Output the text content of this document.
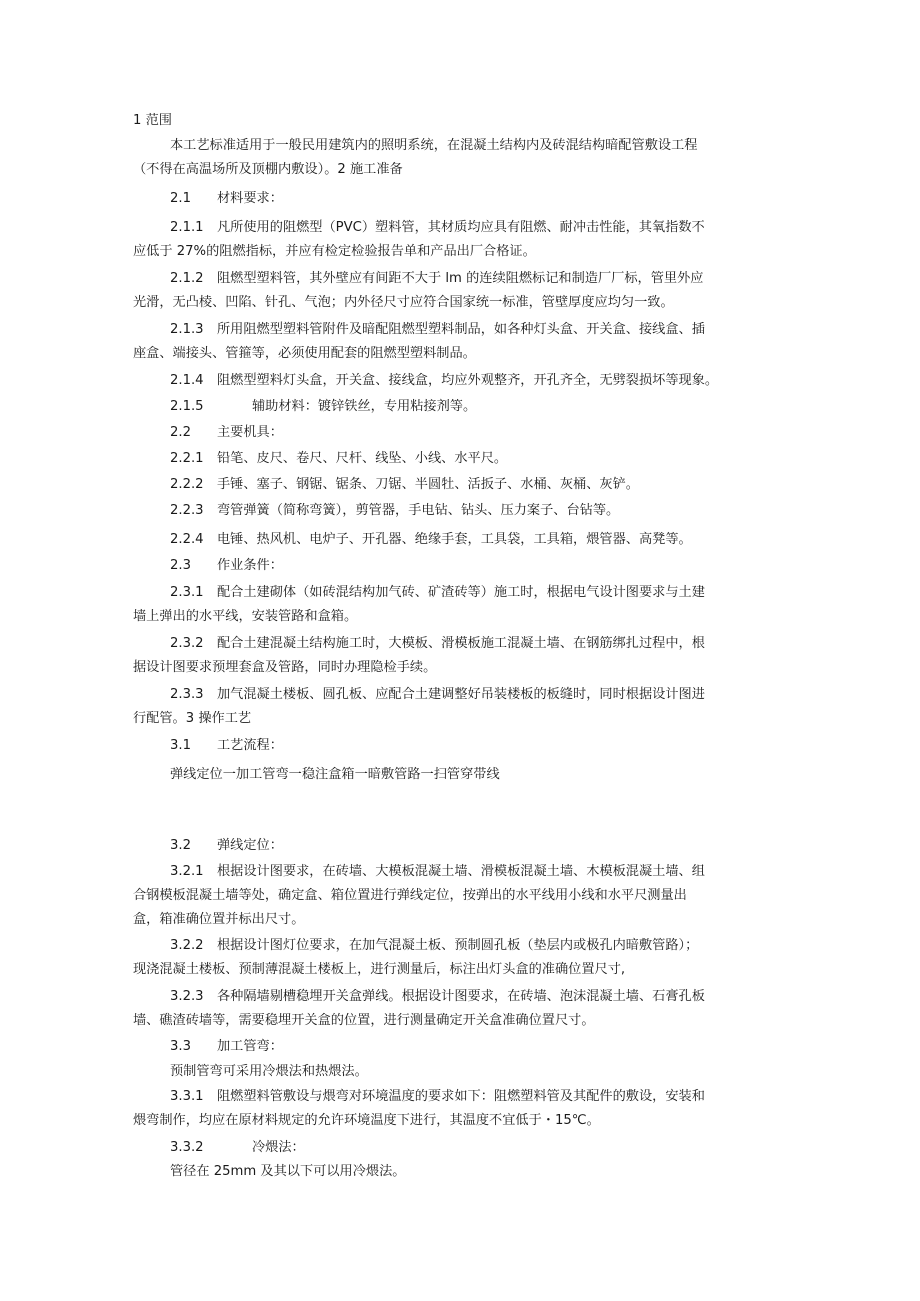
1 范围
本工艺标准适用于一般民用建筑内的照明系统，在混凝土结构内及砖混结构暗配管敷设工程
（不得在高温场所及顶棚内敷设）。2 施工准备
2.1 材料要求：
2.1.1 凡所使用的阻燃型（PVC）塑料管，其材质均应具有阻燃、耐冲击性能，其氧指数不
应低于 27%的阻燃指标，并应有检定检验报告单和产品出厂合格证。
2.1.2 阻燃型塑料管，其外壁应有间距不大于 lm 的连续阻燃标记和制造厂厂标，管里外应
光滑，无凸棱、凹陷、针孔、气泡；内外径尺寸应符合国家统一标准，管壁厚度应均匀一致。
2.1.3 所用阻燃型塑料管附件及暗配阻燃型塑料制品，如各种灯头盒、开关盒、接线盒、插
座盒、端接头、管箍等，必须使用配套的阻燃型塑料制品。
2.1.4 阻燃型塑料灯头盒，开关盒、接线盒，均应外观整齐，开孔齐全，无劈裂损坏等现象。
2.1.5	辅助材料：镀锌铁丝，专用粘接剂等。
2.2 主要机具：
2.2.1 铅笔、皮尺、卷尺、尺杆、线坠、小线、水平尺。
2.2.2 手锤、塞子、钢锯、锯条、刀锯、半圆牡、活扳子、水桶、灰桶、灰铲。
2.2.3 弯管弹簧（简称弯簧），剪管器，手电钻、钻头、压力案子、台钻等。
2.2.4 电锤、热风机、电炉子、开孔器、绝缘手套，工具袋，工具箱，煨管器、高凳等。
2.3 作业条件：
2.3.1 配合土建砌体（如砖混结构加气砖、矿渣砖等）施工时，根据电气设计图要求与土建
墙上弹出的水平线，安装管路和盒箱。
2.3.2 配合土建混凝土结构施工时，大模板、滑模板施工混凝土墙、在钢筋绑扎过程中，根
据设计图要求预埋套盒及管路，同时办理隐检手续。
2.3.3 加气混凝土楼板、圆孔板、应配合土建调整好吊装楼板的板缝时，同时根据设计图进
行配管。3 操作工艺
3.1 工艺流程：
弹线定位一加工管弯一稳注盒箱一暗敷管路一扫管穿带线
3.2 弹线定位：
3.2.1 根据设计图要求，在砖墙、大模板混凝土墙、滑模板混凝土墙、木模板混凝土墙、组
合钢模板混凝土墙等处，确定盒、箱位置进行弹线定位，按弹出的水平线用小线和水平尺测量出
盒，箱准确位置并标出尺寸。
3.2.2 根据设计图灯位要求，在加气混凝土板、预制圆孔板（垫层内或极孔内暗敷管路）；
现浇混凝土楼板、预制薄混凝土楼板上，进行测量后，标注出灯头盒的准确位置尺寸,
3.2.3 各种隔墙剔槽稳埋开关盒弹线。根据设计图要求，在砖墙、泡沫混凝土墙、石膏孔板
墙、礁渣砖墙等，需要稳埋开关盒的位置，进行测量确定开关盒准确位置尺寸。
3.3 加工管弯：
预制管弯可采用冷煨法和热煨法。
3.3.1 阻燃塑料管敷设与煨弯对环境温度的要求如下：阻燃塑料管及其配件的敷设，安装和
煨弯制作，均应在原材料规定的允许环境温度下进行，其温度不宜低于・15℃。
3.3.2	冷煨法：
管径在 25mm 及其以下可以用冷煨法。
